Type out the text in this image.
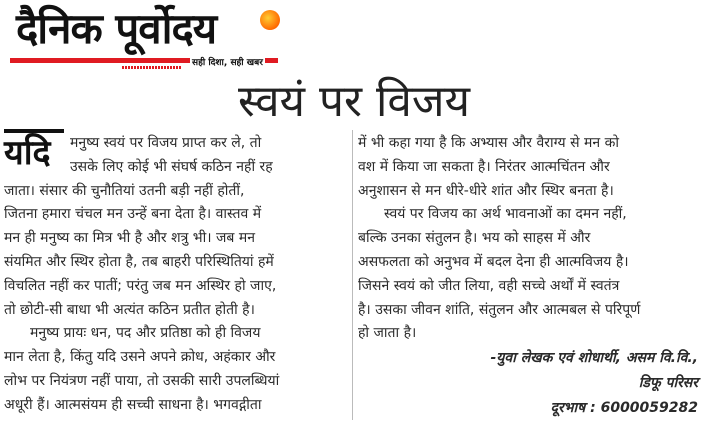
दैनिक पूर्वोदय
सही दिशा, सही खबर
स्वयं पर विजय
यदि	मनुष्य स्वयं पर विजय प्राप्त कर ले, तो
उसके लिए कोई भी संघर्ष कठिन नहीं रह
जाता। संसार की चुनौतियां उतनी बड़ी नहीं होतीं,
जितना हमारा चंचल मन उन्हें बना देता है। वास्तव में
मन ही मनुष्य का मित्र भी है और शत्रु भी। जब मन
संयमित और स्थिर होता है, तब बाहरी परिस्थितियां हमें
विचलित नहीं कर पातीं; परंतु जब मन अस्थिर हो जाए,
तो छोटी-सी बाधा भी अत्यंत कठिन प्रतीत होती है।
मनुष्य प्रायः धन, पद और प्रतिष्ठा को ही विजय
मान लेता है, किंतु यदि उसने अपने क्रोध, अहंकार और
लोभ पर नियंत्रण नहीं पाया, तो उसकी सारी उपलब्धियां
अधूरी हैं। आत्मसंयम ही सच्ची साधना है। भगवद्गीता
में भी कहा गया है कि अभ्यास और वैराग्य से मन को
वश में किया जा सकता है। निरंतर आत्मचिंतन और
अनुशासन से मन धीरे-धीरे शांत और स्थिर बनता है।
स्वयं पर विजय का अर्थ भावनाओं का दमन नहीं,
बल्कि उनका संतुलन है। भय को साहस में और
असफलता को अनुभव में बदल देना ही आत्मविजय है।
जिसने स्वयं को जीत लिया, वही सच्चे अर्थों में स्वतंत्र
है। उसका जीवन शांति, संतुलन और आत्मबल से परिपूर्ण
हो जाता है।
-युवा लेखक एवं शोधार्थी, असम वि.वि.,
डिफू परिसर
दूरभाष : 6000059282
